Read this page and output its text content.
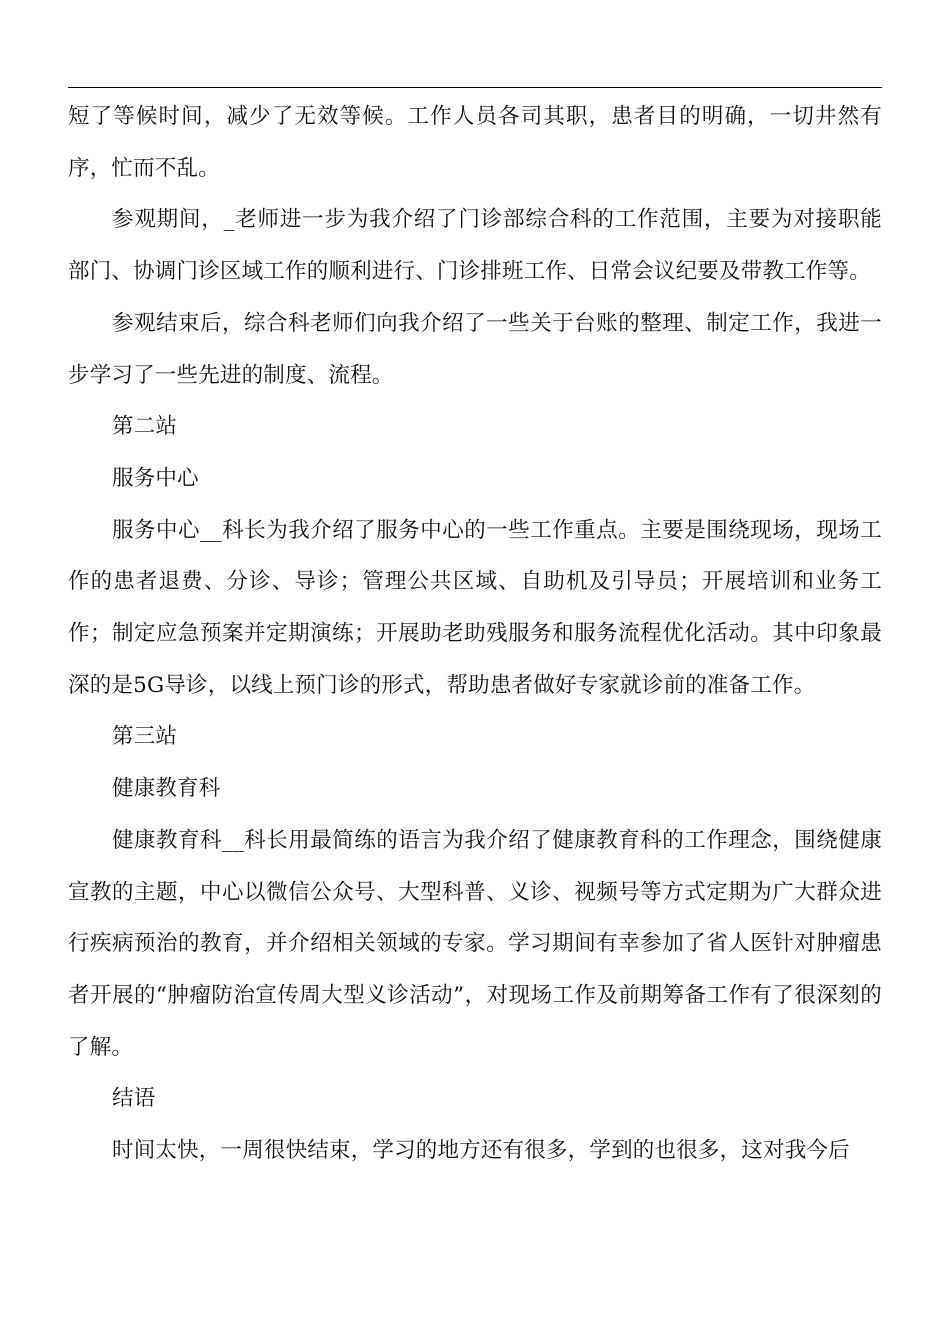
短了等候时间，减少了无效等候。工作人员各司其职，患者目的明确，一切井然有序，忙而不乱。

参观期间，_老师进一步为我介绍了门诊部综合科的工作范围，主要为对接职能部门、协调门诊区域工作的顺利进行、门诊排班工作、日常会议纪要及带教工作等。

参观结束后，综合科老师们向我介绍了一些关于台账的整理、制定工作，我进一步学习了一些先进的制度、流程。

第二站

服务中心

服务中心__科长为我介绍了服务中心的一些工作重点。主要是围绕现场，现场工作的患者退费、分诊、导诊；管理公共区域、自助机及引导员；开展培训和业务工作；制定应急预案并定期演练；开展助老助残服务和服务流程优化活动。其中印象最深的是5G导诊，以线上预门诊的形式，帮助患者做好专家就诊前的准备工作。

第三站

健康教育科

健康教育科__科长用最简练的语言为我介绍了健康教育科的工作理念，围绕健康宣教的主题，中心以微信公众号、大型科普、义诊、视频号等方式定期为广大群众进行疾病预治的教育，并介绍相关领域的专家。学习期间有幸参加了省人医针对肿瘤患者开展的“肿瘤防治宣传周大型义诊活动”，对现场工作及前期筹备工作有了很深刻的了解。

结语

时间太快，一周很快结束，学习的地方还有很多，学到的也很多，这对我今后
